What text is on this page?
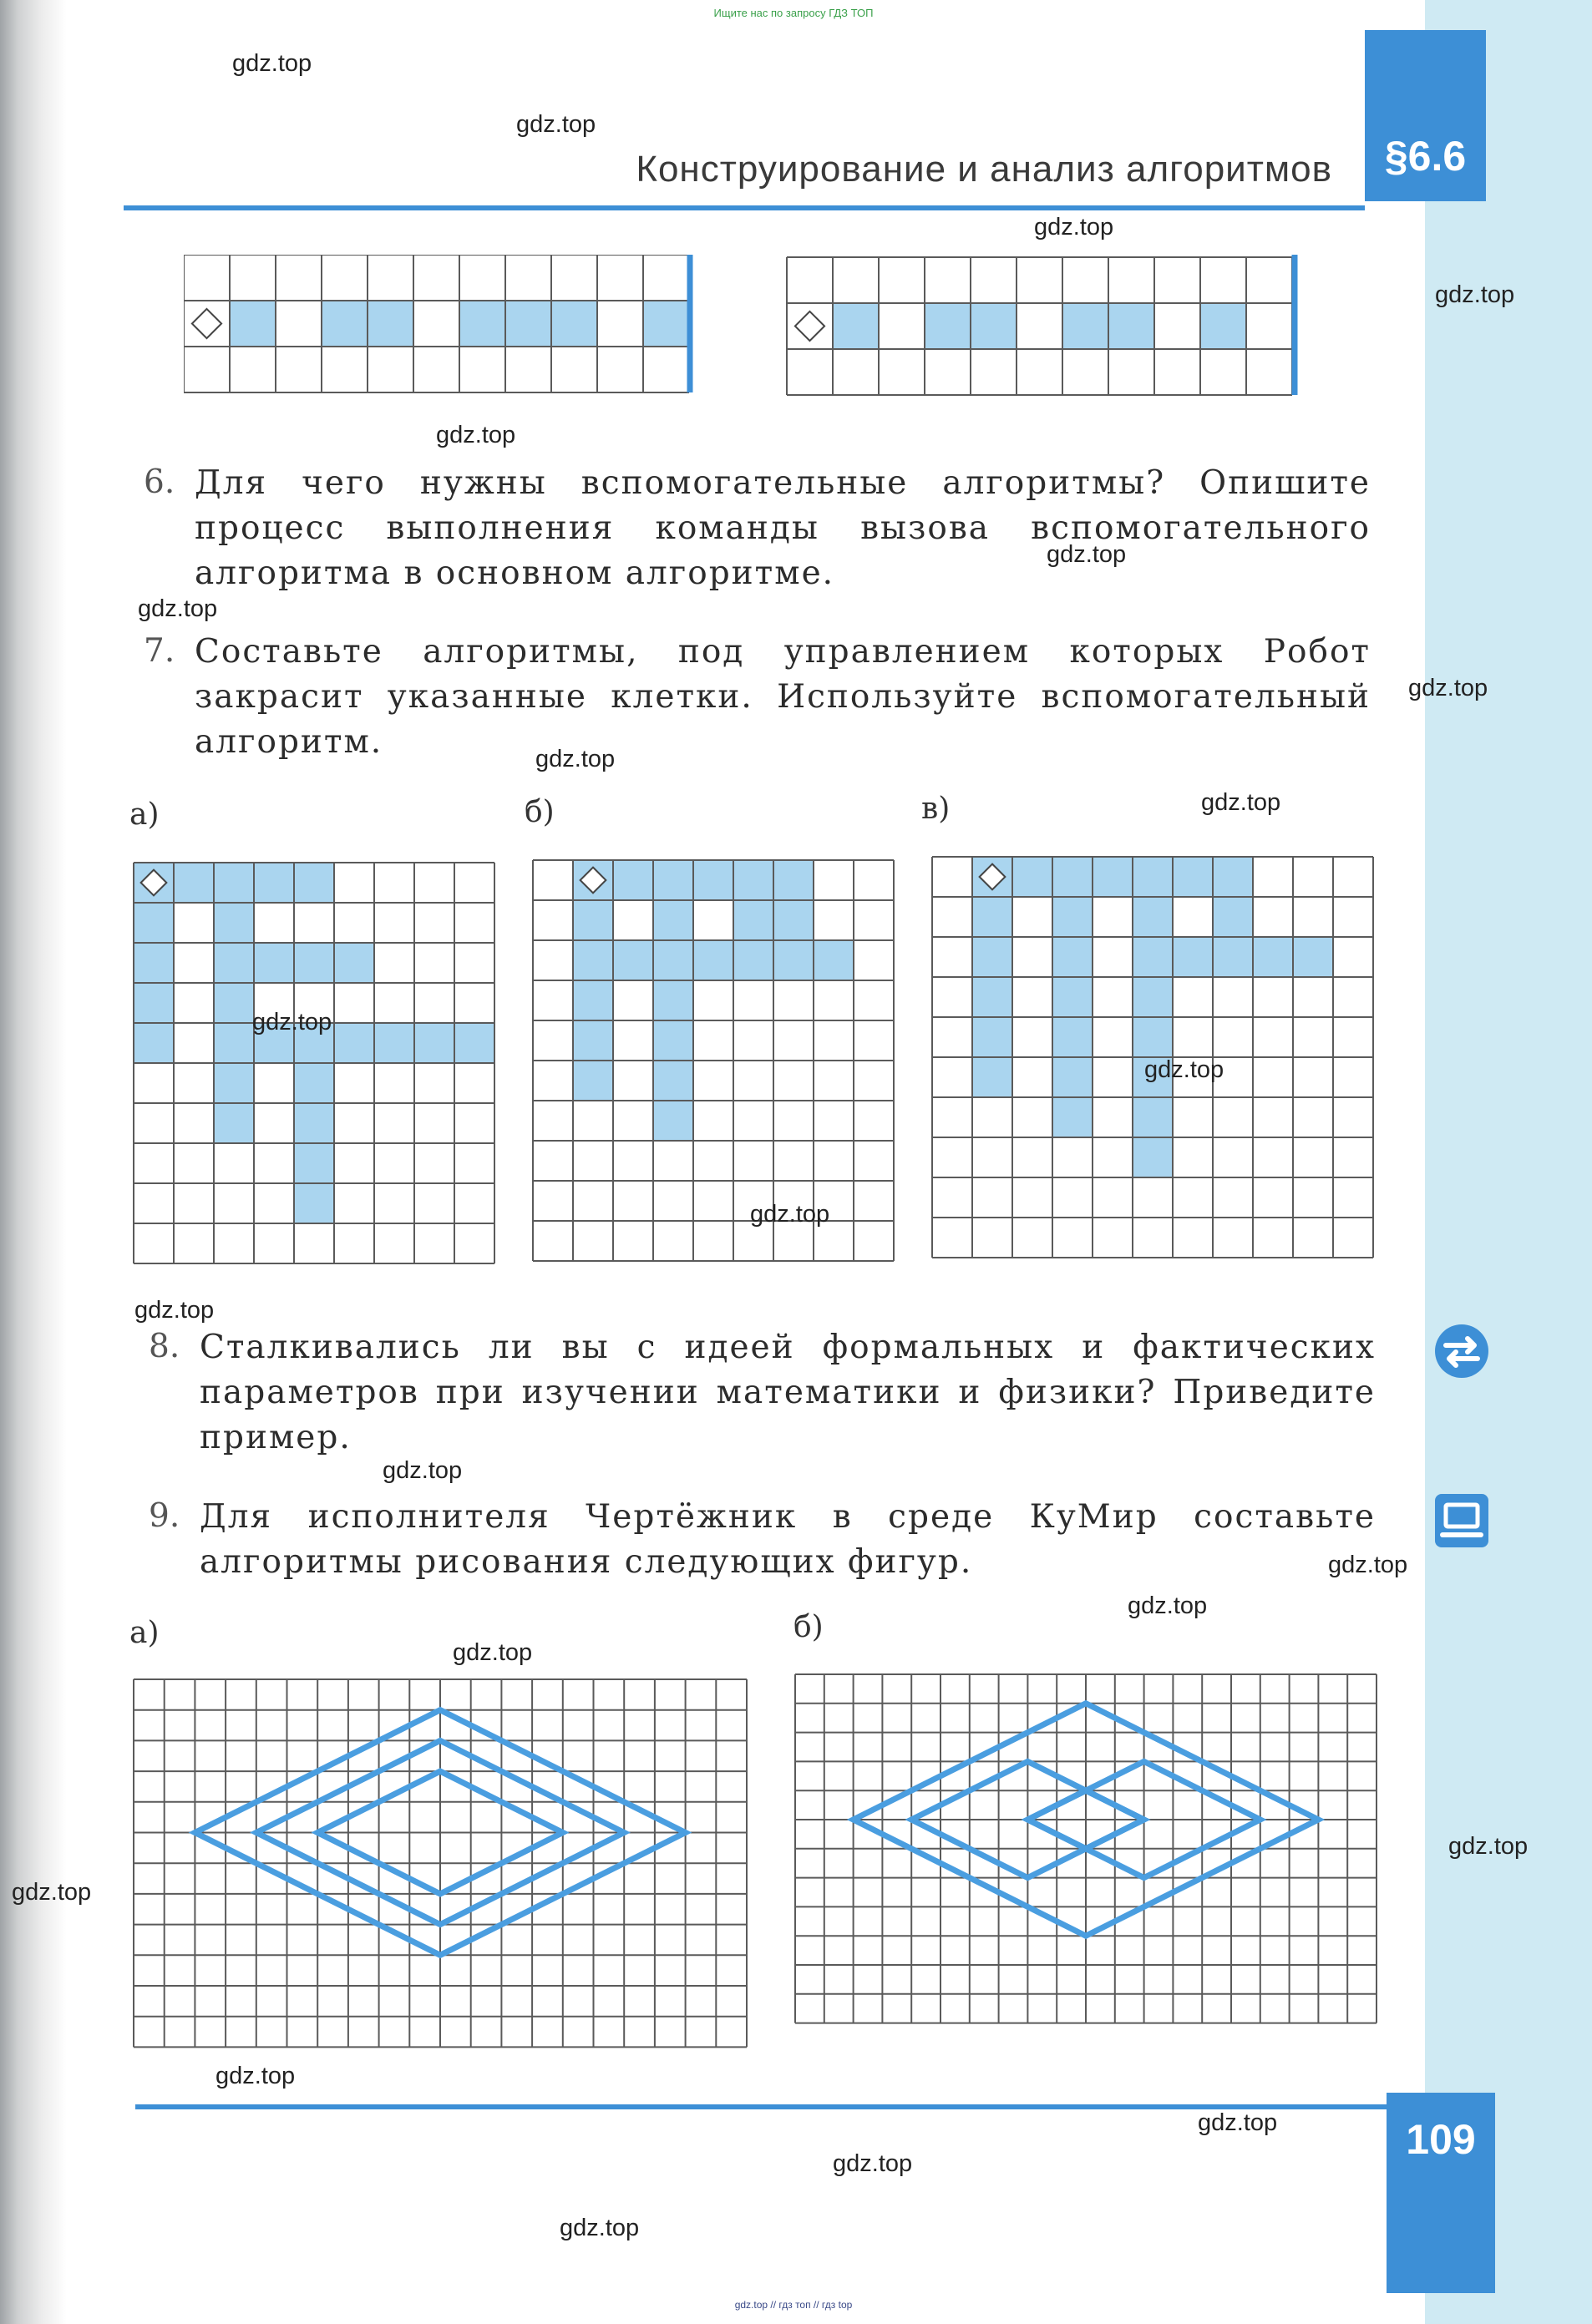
Ищите нас по запросу ГДЗ ТОП
§6.6
Конструирование и анализ алгоритмов
6. Для чего нужны вспомогательные алгоритмы? Опишите процесс выполнения команды вызова вспомогательного алгоритма в основном алгоритме.
7. Составьте алгоритмы, под управлением которых Робот закрасит указанные клетки. Используйте вспомогательный алгоритм.
а)	б)	в)
8. Сталкивались ли вы с идеей формальных и фактических параметров при изучении математики и физики? Приведите пример.
9. Для исполнителя Чертёжник в среде КуМир составьте алгоритмы рисования следующих фигур.
а)	б)
109
gdz.top // гдз топ // гдз top
gdz.top
gdz.top
gdz.top
gdz.top
gdz.top
gdz.top
gdz.top
gdz.top
gdz.top
gdz.top
gdz.top
gdz.top
gdz.top
gdz.top
gdz.top
gdz.top
gdz.top
gdz.top
gdz.top
gdz.top
gdz.top
gdz.top
gdz.top
gdz.top
